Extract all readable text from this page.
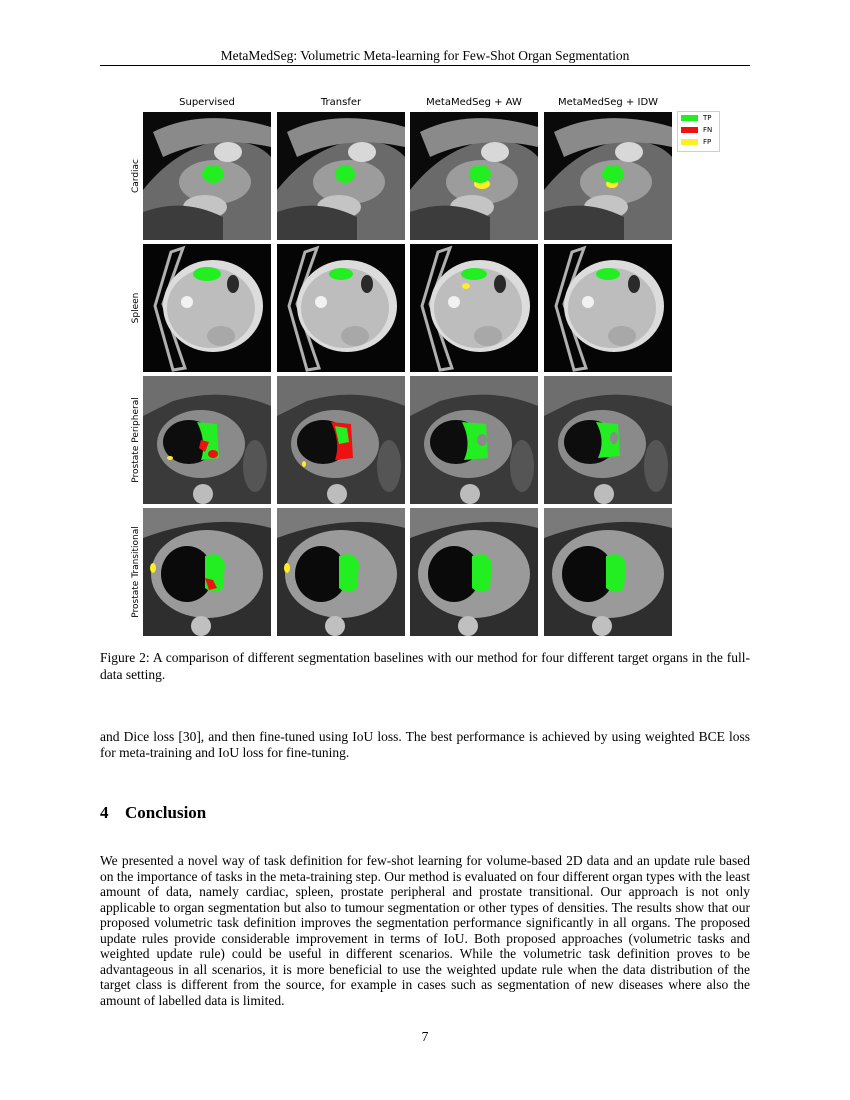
MetaMedSeg: Volumetric Meta-learning for Few-Shot Organ Segmentation
Supervised	Transfer	MetaMedSeg + AW	MetaMedSeg + IDW
Cardiac
Spleen
Prostate Peripheral
Prostate Transitional
TP
FN
FP
Figure 2: A comparison of different segmentation baselines with our method for four different target organs in the full-data setting.
and Dice loss [30], and then fine-tuned using IoU loss. The best performance is achieved by using weighted BCE loss for meta-training and IoU loss for fine-tuning.
4 Conclusion
We presented a novel way of task definition for few-shot learning for volume-based 2D data and an update rule based on the importance of tasks in the meta-training step. Our method is evaluated on four different organ types with the least amount of data, namely cardiac, spleen, prostate peripheral and prostate transitional. Our approach is not only applicable to organ segmentation but also to tumour segmentation or other types of densities. The results show that our proposed volumetric task definition improves the segmentation performance significantly in all organs. The proposed update rules provide considerable improvement in terms of IoU. Both proposed approaches (volumetric tasks and weighted update rule) could be useful in different scenarios. While the volumetric task definition proves to be advantageous in all scenarios, it is more beneficial to use the weighted update rule when the data distribution of the target class is different from the source, for example in cases such as segmentation of new diseases where also the amount of labelled data is limited.
7
